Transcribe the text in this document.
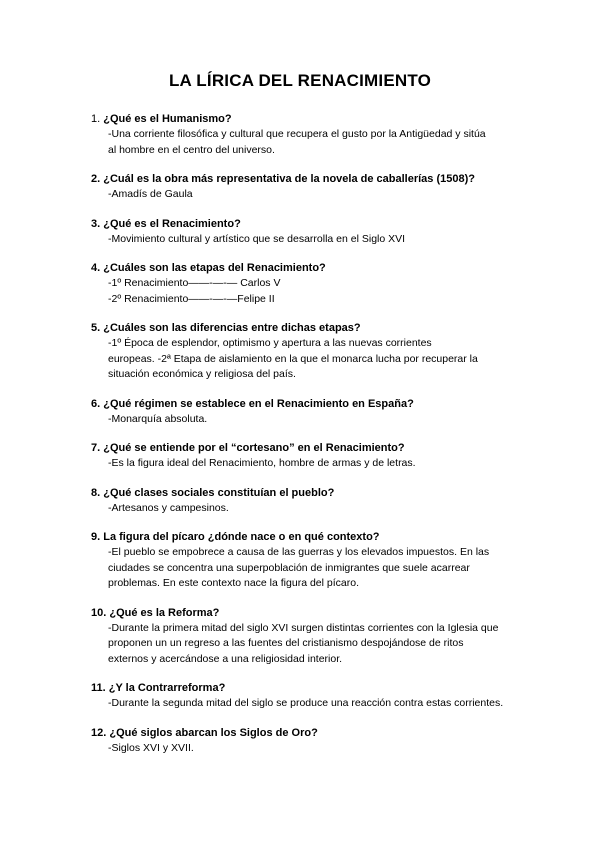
LA LÍRICA DEL RENACIMIENTO
1. ¿Qué es el Humanismo?
-Una corriente filosófica y cultural que recupera el gusto por la Antigüedad y sitúa
al hombre en el centro del universo.
2. ¿Cuál es la obra más representativa de la novela de caballerías (1508)?
-Amadís de Gaula
3. ¿Qué es el Renacimiento?
-Movimiento cultural y artístico que se desarrolla en el Siglo XVI
4. ¿Cuáles son las etapas del Renacimiento?
-1º Renacimiento——-—-— Carlos V
-2º Renacimiento——-—-—Felipe II
5. ¿Cuáles son las diferencias entre dichas etapas?
-1º Época de esplendor, optimismo y apertura a las nuevas corrientes
europeas. -2ª Etapa de aislamiento en la que el monarca lucha por recuperar la
situación económica y religiosa del país.
6. ¿Qué régimen se establece en el Renacimiento en España?
-Monarquía absoluta.
7. ¿Qué se entiende por el “cortesano” en el Renacimiento?
-Es la figura ideal del Renacimiento, hombre de armas y de letras.
8. ¿Qué clases sociales constituían el pueblo?
-Artesanos y campesinos.
9. La figura del pícaro ¿dónde nace o en qué contexto?
-El pueblo se empobrece a causa de las guerras y los elevados impuestos. En las
ciudades se concentra una superpoblación de inmigrantes que suele acarrear
problemas. En este contexto nace la figura del pícaro.
10. ¿Qué es la Reforma?
-Durante la primera mitad del siglo XVI surgen distintas corrientes con la Iglesia que
proponen un un regreso a las fuentes del cristianismo despojándose de ritos
externos y acercándose a una religiosidad interior.
11. ¿Y la Contrarreforma?
-Durante la segunda mitad del siglo se produce una reacción contra estas corrientes.
12. ¿Qué siglos abarcan los Siglos de Oro?
-Siglos XVI y XVII.
